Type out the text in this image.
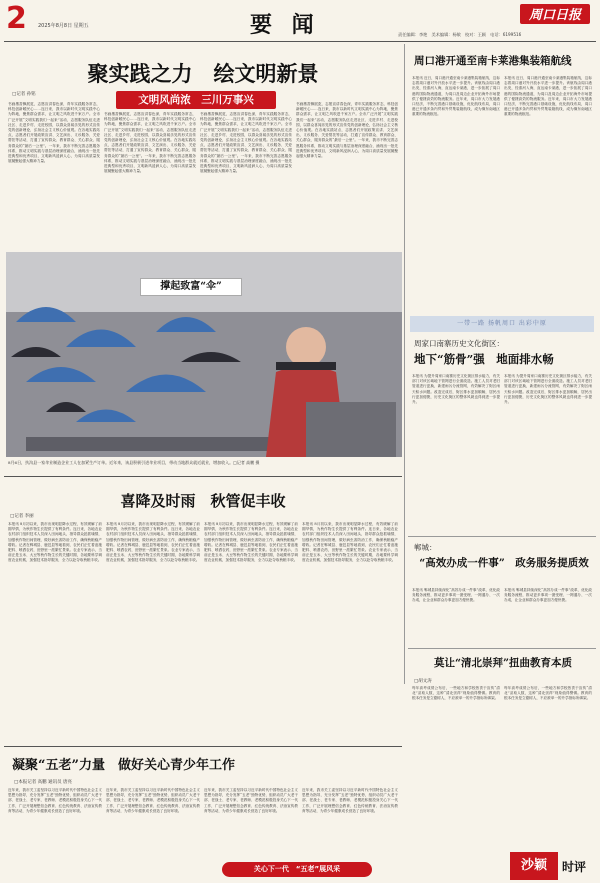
2 2025年8月8日 星期五	要 闻	周口日报
责任编辑：李艳　美术编辑：杨敏　校对：王颖　电话：6199516
聚实践之力　绘文明新景
□记者 孙铭	文明风尚浓　三川万事兴
书画墨香飘展览，志愿宣讲春色深，青年实践服务常态，科技创新暖民心……连日来，我市以新时代文明实践中心为阵地，聚焦群众需求，让文明之风吹进千家万户。全市广泛开展“文明实践我们一起来”活动，志愿服务队伍走进社区、走进乡村、走进校园，以群众喜闻乐见的形式宣传党的创新理论，弘扬社会主义核心价值观。在各地实践站点，志愿者们开展政策宣讲、文艺演出、义诊服务、关爱帮扶等活动，打通了宣传群众、教育群众、关心群众、服务群众的“最后一公里”。一年来，我市不断完善志愿服务体系，推动文明实践与基层治理深度融合，涌现出一批先进典型和优秀项目，文明新风浸润人心，为周口高质量发展凝聚起强大精神力量。
书画墨香飘展览，志愿宣讲春色深，青年实践服务常态，科技创新暖民心……连日来，我市以新时代文明实践中心为阵地，聚焦群众需求，让文明之风吹进千家万户。全市广泛开展“文明实践我们一起来”活动，志愿服务队伍走进社区、走进乡村、走进校园，以群众喜闻乐见的形式宣传党的创新理论，弘扬社会主义核心价值观。在各地实践站点，志愿者们开展政策宣讲、文艺演出、义诊服务、关爱帮扶等活动，打通了宣传群众、教育群众、关心群众、服务群众的“最后一公里”。一年来，我市不断完善志愿服务体系，推动文明实践与基层治理深度融合，涌现出一批先进典型和优秀项目，文明新风浸润人心，为周口高质量发展凝聚起强大精神力量。
书画墨香飘展览，志愿宣讲春色深，青年实践服务常态，科技创新暖民心……连日来，我市以新时代文明实践中心为阵地，聚焦群众需求，让文明之风吹进千家万户。全市广泛开展“文明实践我们一起来”活动，志愿服务队伍走进社区、走进乡村、走进校园，以群众喜闻乐见的形式宣传党的创新理论，弘扬社会主义核心价值观。在各地实践站点，志愿者们开展政策宣讲、文艺演出、义诊服务、关爱帮扶等活动，打通了宣传群众、教育群众、关心群众、服务群众的“最后一公里”。一年来，我市不断完善志愿服务体系，推动文明实践与基层治理深度融合，涌现出一批先进典型和优秀项目，文明新风浸润人心，为周口高质量发展凝聚起强大精神力量。
书画墨香飘展览，志愿宣讲春色深，青年实践服务常态，科技创新暖民心……连日来，我市以新时代文明实践中心为阵地，聚焦群众需求，让文明之风吹进千家万户。全市广泛开展“文明实践我们一起来”活动，志愿服务队伍走进社区、走进乡村、走进校园，以群众喜闻乐见的形式宣传党的创新理论，弘扬社会主义核心价值观。在各地实践站点，志愿者们开展政策宣讲、文艺演出、义诊服务、关爱帮扶等活动，打通了宣传群众、教育群众、关心群众、服务群众的“最后一公里”。一年来，我市不断完善志愿服务体系，推动文明实践与基层治理深度融合，涌现出一批先进典型和优秀项目，文明新风浸润人心，为周口高质量发展凝聚起强大精神力量。
撑起致富“伞”
8月6日，扶沟县一家伞业制造企业工人在加紧生产订单。近年来，该县积极引进伞业项目，带动当地群众就近就业，增加收入。□记者 高鹏 摄
喜降及时雨　秋管促丰收
□记者 李丽
本报讯 8月初以来，我市出现明显降水过程，有效缓解了前期旱情，为秋作物生长提供了有利条件。连日来，各地农业农村部门组织技术人员深入田间地头，指导群众抢抓墒情，加强秋作物田间管理，做好病虫害防治工作，确保秋粮稳产增收。记者在郸城县、鹿邑县等地看到，农民们正忙着追施肥料、喷洒农药，田野里一派繁忙景象。农业专家表示，当前正是玉米、大豆等秋作物生长的关键时期，各地要科学调度农业机械，加强技术指导服务，全力以赴夺取秋粮丰收。
本报讯 8月初以来，我市出现明显降水过程，有效缓解了前期旱情，为秋作物生长提供了有利条件。连日来，各地农业农村部门组织技术人员深入田间地头，指导群众抢抓墒情，加强秋作物田间管理，做好病虫害防治工作，确保秋粮稳产增收。记者在郸城县、鹿邑县等地看到，农民们正忙着追施肥料、喷洒农药，田野里一派繁忙景象。农业专家表示，当前正是玉米、大豆等秋作物生长的关键时期，各地要科学调度农业机械，加强技术指导服务，全力以赴夺取秋粮丰收。
本报讯 8月初以来，我市出现明显降水过程，有效缓解了前期旱情，为秋作物生长提供了有利条件。连日来，各地农业农村部门组织技术人员深入田间地头，指导群众抢抓墒情，加强秋作物田间管理，做好病虫害防治工作，确保秋粮稳产增收。记者在郸城县、鹿邑县等地看到，农民们正忙着追施肥料、喷洒农药，田野里一派繁忙景象。农业专家表示，当前正是玉米、大豆等秋作物生长的关键时期，各地要科学调度农业机械，加强技术指导服务，全力以赴夺取秋粮丰收。
本报讯 8月初以来，我市出现明显降水过程，有效缓解了前期旱情，为秋作物生长提供了有利条件。连日来，各地农业农村部门组织技术人员深入田间地头，指导群众抢抓墒情，加强秋作物田间管理，做好病虫害防治工作，确保秋粮稳产增收。记者在郸城县、鹿邑县等地看到，农民们正忙着追施肥料、喷洒农药，田野里一派繁忙景象。农业专家表示，当前正是玉米、大豆等秋作物生长的关键时期，各地要科学调度农业机械，加强技术指导服务，全力以赴夺取秋粮丰收。
周口港开通至南卡莱港集装箱航线
本报讯 近日，周口港开通至南卡莱港集装箱航线，这标志着周口港对外开放水平进一步提升。该航线由周口港出发，经淮河入海，直达南卡莱港，进一步拓展了周口港的国际物流通道，为周口及周边企业开拓海外市场提供了便捷高效的物流服务。近年来，周口市大力发展港口经济，不断完善港口基础设施，优化航线布局，周口港已开通多条内贸和外贸集装箱航线，成为豫东南地区重要的物流枢纽。
本报讯 近日，周口港开通至南卡莱港集装箱航线，这标志着周口港对外开放水平进一步提升。该航线由周口港出发，经淮河入海，直达南卡莱港，进一步拓展了周口港的国际物流通道，为周口及周边企业开拓海外市场提供了便捷高效的物流服务。近年来，周口市大力发展港口经济，不断完善港口基础设施，优化航线布局，周口港已开通多条内贸和外贸集装箱航线，成为豫东南地区重要的物流枢纽。
一带一路 扬帆周口 出彩中原
周家口南寨历史文化街区：
地下“筋骨”强　地面排水畅
本报讯 为提升周家口南寨历史文化街区排水能力，有关部门对该区域地下管网进行全面改造。施工人员对老旧管道进行更换，新建雨污分流管网，有效解决了街区雨天积水问题。改造完成后，街区排水更加顺畅，居民出行更加便捷，历史文化街区的整体风貌也得到进一步提升。
本报讯 为提升周家口南寨历史文化街区排水能力，有关部门对该区域地下管网进行全面改造。施工人员对老旧管道进行更换，新建雨污分流管网，有效解决了街区雨天积水问题。改造完成后，街区排水更加顺畅，居民出行更加便捷，历史文化街区的整体风貌也得到进一步提升。
郸城：
“高效办成一件事”　政务服务提质效
本报讯 郸城县持续深化“高效办成一件事”改革，优化政务服务流程，推动更多事项一窗受理、一网通办、一次办成，让企业和群众办事更加方便快捷。
本报讯 郸城县持续深化“高效办成一件事”改革，优化政务服务流程，推动更多事项一窗受理、一网通办、一次办成，让企业和群众办事更加方便快捷。
莫让“清北崇拜”扭曲教育本质
□胡文涛
每年高考成绩公布后，一些地方和学校热衷于宣传“清北”录取人数，这种“清北崇拜”现象值得警惕。教育的根本任务是立德树人，不应被单一的升学指标所绑架。
每年高考成绩公布后，一些地方和学校热衷于宣传“清北”录取人数，这种“清北崇拜”现象值得警惕。教育的根本任务是立德树人，不应被单一的升学指标所绑架。
凝聚“五老”力量　做好关心青少年工作
□本报记者 高鹏 通讯员 唐亮
近年来，我市关工委坚持以习近平新时代中国特色社会主义思想为指导，充分发挥“五老”独特优势，组织动员广大老干部、老战士、老专家、老教师、老模范积极投身关心下一代工作，广泛开展理想信念教育、红色传统教育、法治宣传教育等活动，为青少年健康成长营造了良好环境。
近年来，我市关工委坚持以习近平新时代中国特色社会主义思想为指导，充分发挥“五老”独特优势，组织动员广大老干部、老战士、老专家、老教师、老模范积极投身关心下一代工作，广泛开展理想信念教育、红色传统教育、法治宣传教育等活动，为青少年健康成长营造了良好环境。
近年来，我市关工委坚持以习近平新时代中国特色社会主义思想为指导，充分发挥“五老”独特优势，组织动员广大老干部、老战士、老专家、老教师、老模范积极投身关心下一代工作，广泛开展理想信念教育、红色传统教育、法治宣传教育等活动，为青少年健康成长营造了良好环境。
近年来，我市关工委坚持以习近平新时代中国特色社会主义思想为指导，充分发挥“五老”独特优势，组织动员广大老干部、老战士、老专家、老教师、老模范积极投身关心下一代工作，广泛开展理想信念教育、红色传统教育、法治宣传教育等活动，为青少年健康成长营造了良好环境。
关心下一代　“五老”展风采	沙颖	时评
